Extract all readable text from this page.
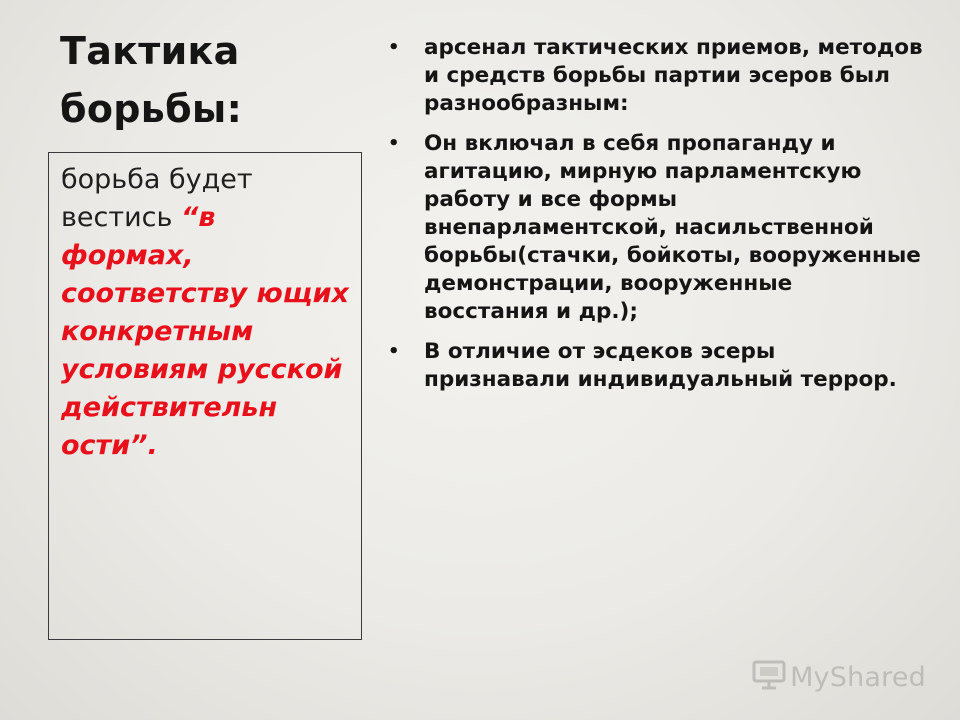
Тактика борьбы:
борьба будет вестись “в формах, соответству ющих конкретным условиям русской действительн ости”.
• арсенал тактических приемов, методов и средств борьбы партии эсеров был разнообразным:
• Он включал в себя пропаганду и агитацию, мирную парламентскую работу и все формы внепарламентской, насильственной борьбы(стачки, бойкоты, вооруженные демонстрации, вооруженные восстания и др.);
• В отличие от эсдеков эсеры признавали индивидуальный террор.
MyShared
